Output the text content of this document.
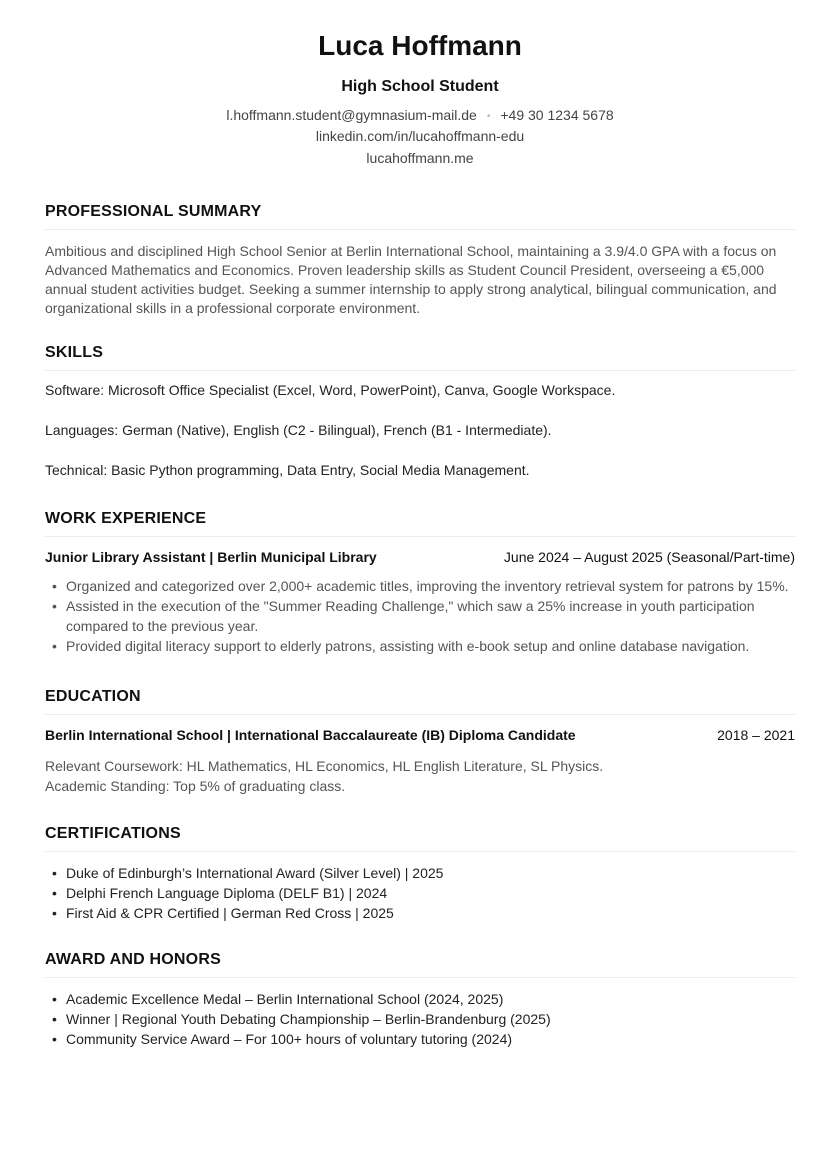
Luca Hoffmann
High School Student
l.hoffmann.student@gymnasium-mail.de • +49 30 1234 5678
linkedin.com/in/lucahoffmann-edu
lucahoffmann.me
PROFESSIONAL SUMMARY
Ambitious and disciplined High School Senior at Berlin International School, maintaining a 3.9/4.0 GPA with a focus on
Advanced Mathematics and Economics. Proven leadership skills as Student Council President, overseeing a €5,000
annual student activities budget. Seeking a summer internship to apply strong analytical, bilingual communication, and
organizational skills in a professional corporate environment.
SKILLS
Software: Microsoft Office Specialist (Excel, Word, PowerPoint), Canva, Google Workspace.
Languages: German (Native), English (C2 - Bilingual), French (B1 - Intermediate).
Technical: Basic Python programming, Data Entry, Social Media Management.
WORK EXPERIENCE
Junior Library Assistant | Berlin Municipal Library	June 2024 – August 2025 (Seasonal/Part-time)
• Organized and categorized over 2,000+ academic titles, improving the inventory retrieval system for patrons by 15%.
• Assisted in the execution of the "Summer Reading Challenge," which saw a 25% increase in youth participation
compared to the previous year.
• Provided digital literacy support to elderly patrons, assisting with e-book setup and online database navigation.
EDUCATION
Berlin International School | International Baccalaureate (IB) Diploma Candidate	2018 – 2021
Relevant Coursework: HL Mathematics, HL Economics, HL English Literature, SL Physics.
Academic Standing: Top 5% of graduating class.
CERTIFICATIONS
• Duke of Edinburgh’s International Award (Silver Level) | 2025
• Delphi French Language Diploma (DELF B1) | 2024
• First Aid & CPR Certified | German Red Cross | 2025
AWARD AND HONORS
• Academic Excellence Medal – Berlin International School (2024, 2025)
• Winner | Regional Youth Debating Championship – Berlin-Brandenburg (2025)
• Community Service Award – For 100+ hours of voluntary tutoring (2024)
